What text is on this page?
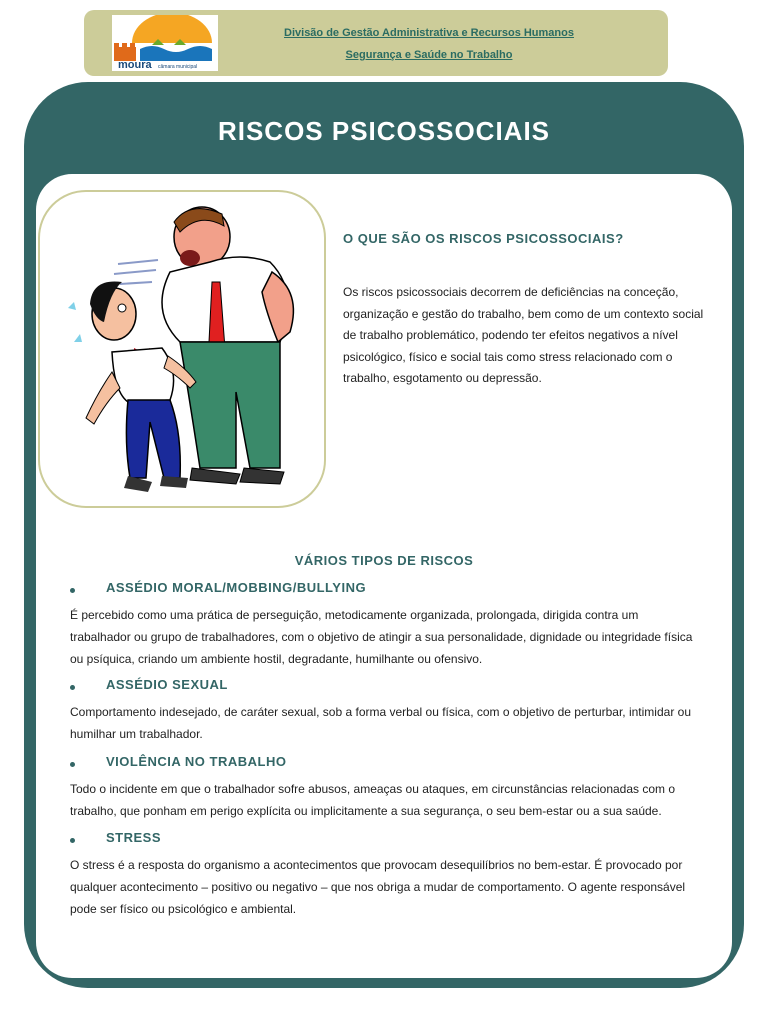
moura câmara municipal
Divisão de Gestão Administrativa e Recursos Humanos
Segurança e Saúde no Trabalho
RISCOS PSICOSSOCIAIS
O QUE SÃO OS RISCOS PSICOSSOCIAIS?
Os riscos psicossociais decorrem de deficiências na conceção, organização e gestão do trabalho, bem como de um contexto social de trabalho problemático, podendo ter efeitos negativos a nível psicológico, físico e social tais como stress relacionado com o trabalho, esgotamento ou depressão.
VÁRIOS TIPOS DE RISCOS
ASSÉDIO MORAL/MOBBING/BULLYING
É percebido como uma prática de perseguição, metodicamente organizada, prolongada, dirigida contra um trabalhador ou grupo de trabalhadores, com o objetivo de atingir a sua personalidade, dignidade ou integridade física ou psíquica, criando um ambiente hostil, degradante, humilhante ou ofensivo.
ASSÉDIO SEXUAL
Comportamento indesejado, de caráter sexual, sob a forma verbal ou física, com o objetivo de perturbar, intimidar ou humilhar um trabalhador.
VIOLÊNCIA NO TRABALHO
Todo o incidente em que o trabalhador sofre abusos, ameaças ou ataques, em circunstâncias relacionadas com o trabalho, que ponham em perigo explícita ou implicitamente a sua segurança, o seu bem-estar ou a sua saúde.
STRESS
O stress é a resposta do organismo a acontecimentos que provocam desequilíbrios no bem-estar. É provocado por qualquer acontecimento – positivo ou negativo – que nos obriga a mudar de comportamento. O agente responsável pode ser físico ou psicológico e ambiental.
